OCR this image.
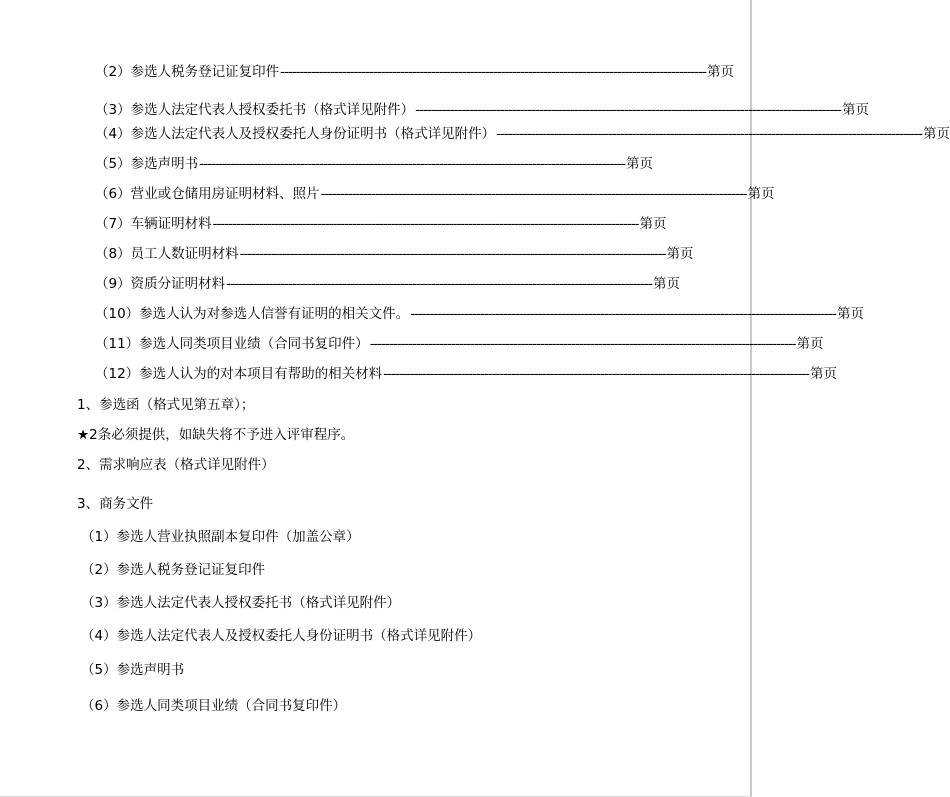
（2）参选人税务登记证复印件 -------------------------------------------------------------------------------------------------------------- 第页
（3）参选人法定代表人授权委托书（格式详见附件） -------------------------------------------------------------------------------------------------------------- 第页
（4）参选人法定代表人及授权委托人身份证明书（格式详见附件） -------------------------------------------------------------------------------------------------------------- 第页
（5）参选声明书 -------------------------------------------------------------------------------------------------------------- 第页
（6）营业或仓储用房证明材料、照片 -------------------------------------------------------------------------------------------------------------- 第页
（7）车辆证明材料 -------------------------------------------------------------------------------------------------------------- 第页
（8）员工人数证明材料 -------------------------------------------------------------------------------------------------------------- 第页
（9）资质分证明材料 -------------------------------------------------------------------------------------------------------------- 第页
（10）参选人认为对参选人信誉有证明的相关文件。 -------------------------------------------------------------------------------------------------------------- 第页
（11）参选人同类项目业绩（合同书复印件） -------------------------------------------------------------------------------------------------------------- 第页
（12）参选人认为的对本项目有帮助的相关材料 -------------------------------------------------------------------------------------------------------------- 第页
1、参选函（格式见第五章）；
★2条必须提供，如缺失将不予进入评审程序。
2、需求响应表（格式详见附件）
3、商务文件
（1）参选人营业执照副本复印件（加盖公章）
（2）参选人税务登记证复印件
（3）参选人法定代表人授权委托书（格式详见附件）
（4）参选人法定代表人及授权委托人身份证明书（格式详见附件）
（5）参选声明书
（6）参选人同类项目业绩（合同书复印件）
